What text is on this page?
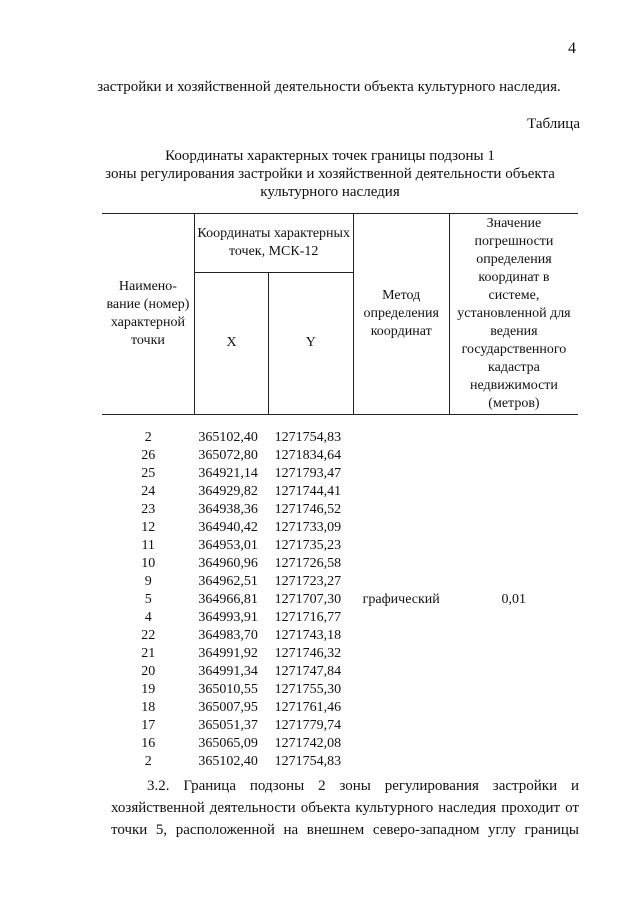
4
застройки и хозяйственной деятельности объекта культурного наследия.
Таблица
Координаты характерных точек границы подзоны 1
зоны регулирования застройки и хозяйственной деятельности объекта
культурного наследия
Наимено-вание (номер) характерной точки	Координаты характерных точек, МСК-12		Метод определения координат	Значение погрешности определения координат в системе, установленной для ведения государственного кадастра недвижимости (метров)
	X	Y		

2	365102,40	1271754,83		
26	365072,80	1271834,64		
25	364921,14	1271793,47		
24	364929,82	1271744,41		
23	364938,36	1271746,52		
12	364940,42	1271733,09		
11	364953,01	1271735,23		
10	364960,96	1271726,58		
9	364962,51	1271723,27		
5	364966,81	1271707,30	графический	0,01
4	364993,91	1271716,77		
22	364983,70	1271743,18		
21	364991,92	1271746,32		
20	364991,34	1271747,84		
19	365010,55	1271755,30		
18	365007,95	1271761,46		
17	365051,37	1271779,74		
16	365065,09	1271742,08		
2	365102,40	1271754,83		
3.2. Граница подзоны 2 зоны регулирования застройки и
хозяйственной деятельности объекта культурного наследия проходит от
точки 5, расположенной на внешнем северо-западном углу границы
